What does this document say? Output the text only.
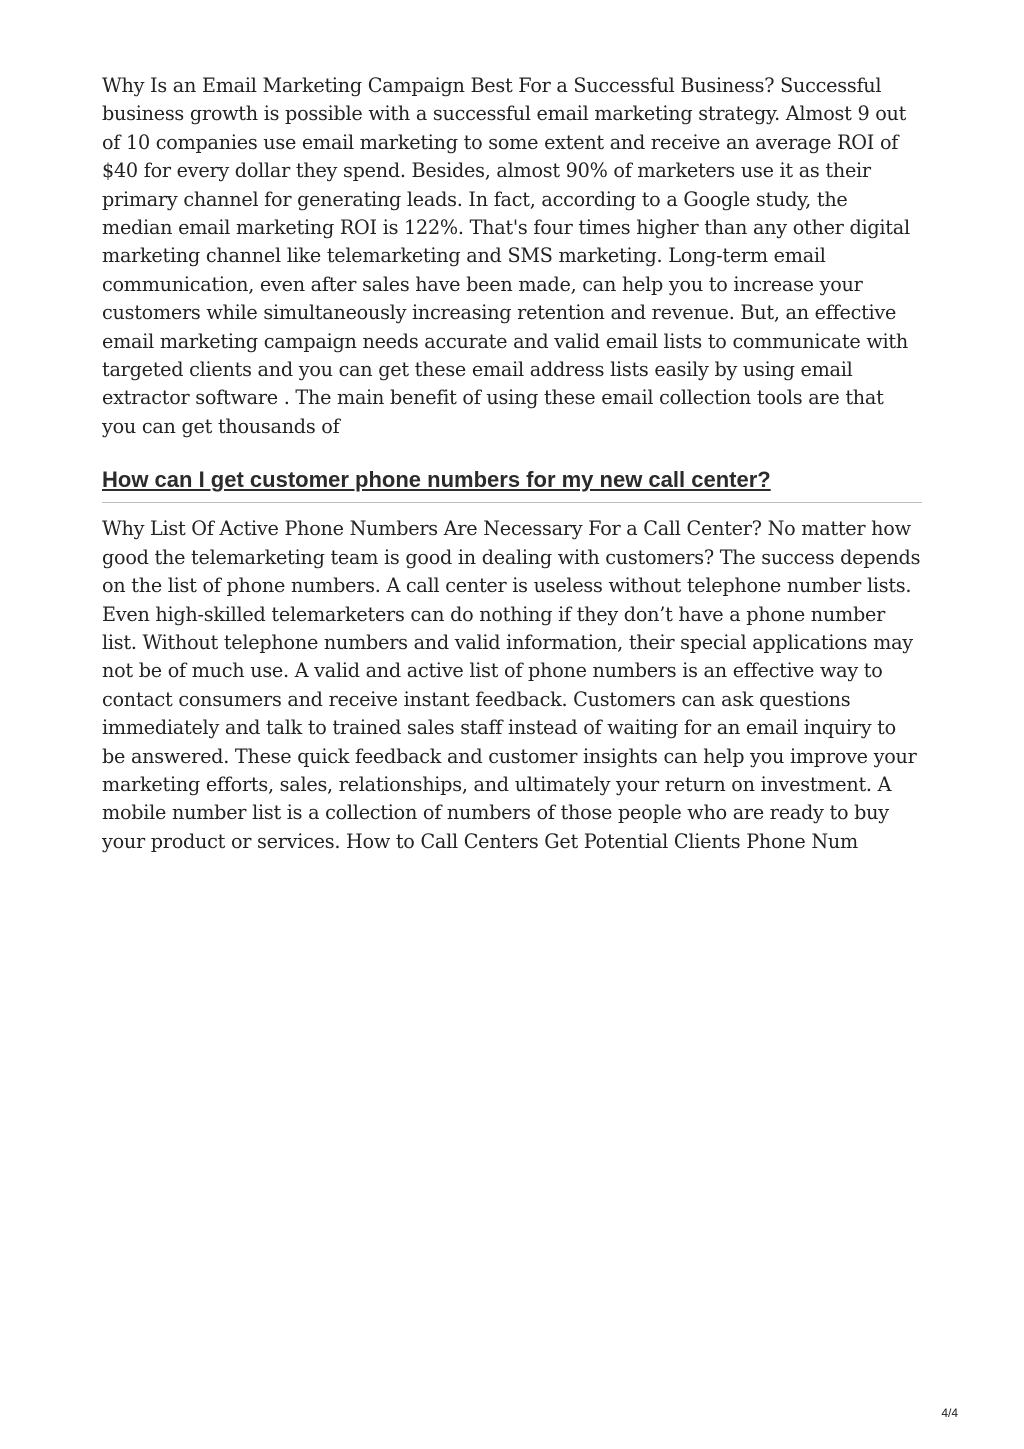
Why Is an Email Marketing Campaign Best For a Successful Business? Successful business growth is possible with a successful email marketing strategy. Almost 9 out of 10 companies use email marketing to some extent and receive an average ROI of $40 for every dollar they spend. Besides, almost 90% of marketers use it as their primary channel for generating leads. In fact, according to a Google study, the median email marketing ROI is 122%. That's four times higher than any other digital marketing channel like telemarketing and SMS marketing. Long-term email communication, even after sales have been made, can help you to increase your customers while simultaneously increasing retention and revenue. But, an effective email marketing campaign needs accurate and valid email lists to communicate with targeted clients and you can get these email address lists easily by using email extractor software . The main benefit of using these email collection tools are that you can get thousands of

How can I get customer phone numbers for my new call center?

Why List Of Active Phone Numbers Are Necessary For a Call Center? No matter how good the telemarketing team is good in dealing with customers? The success depends on the list of phone numbers. A call center is useless without telephone number lists. Even high-skilled telemarketers can do nothing if they don’t have a phone number list. Without telephone numbers and valid information, their special applications may not be of much use. A valid and active list of phone numbers is an effective way to contact consumers and receive instant feedback. Customers can ask questions immediately and talk to trained sales staff instead of waiting for an email inquiry to be answered. These quick feedback and customer insights can help you improve your marketing efforts, sales, relationships, and ultimately your return on investment. A mobile number list is a collection of numbers of those people who are ready to buy your product or services. How to Call Centers Get Potential Clients Phone Num

4/4
